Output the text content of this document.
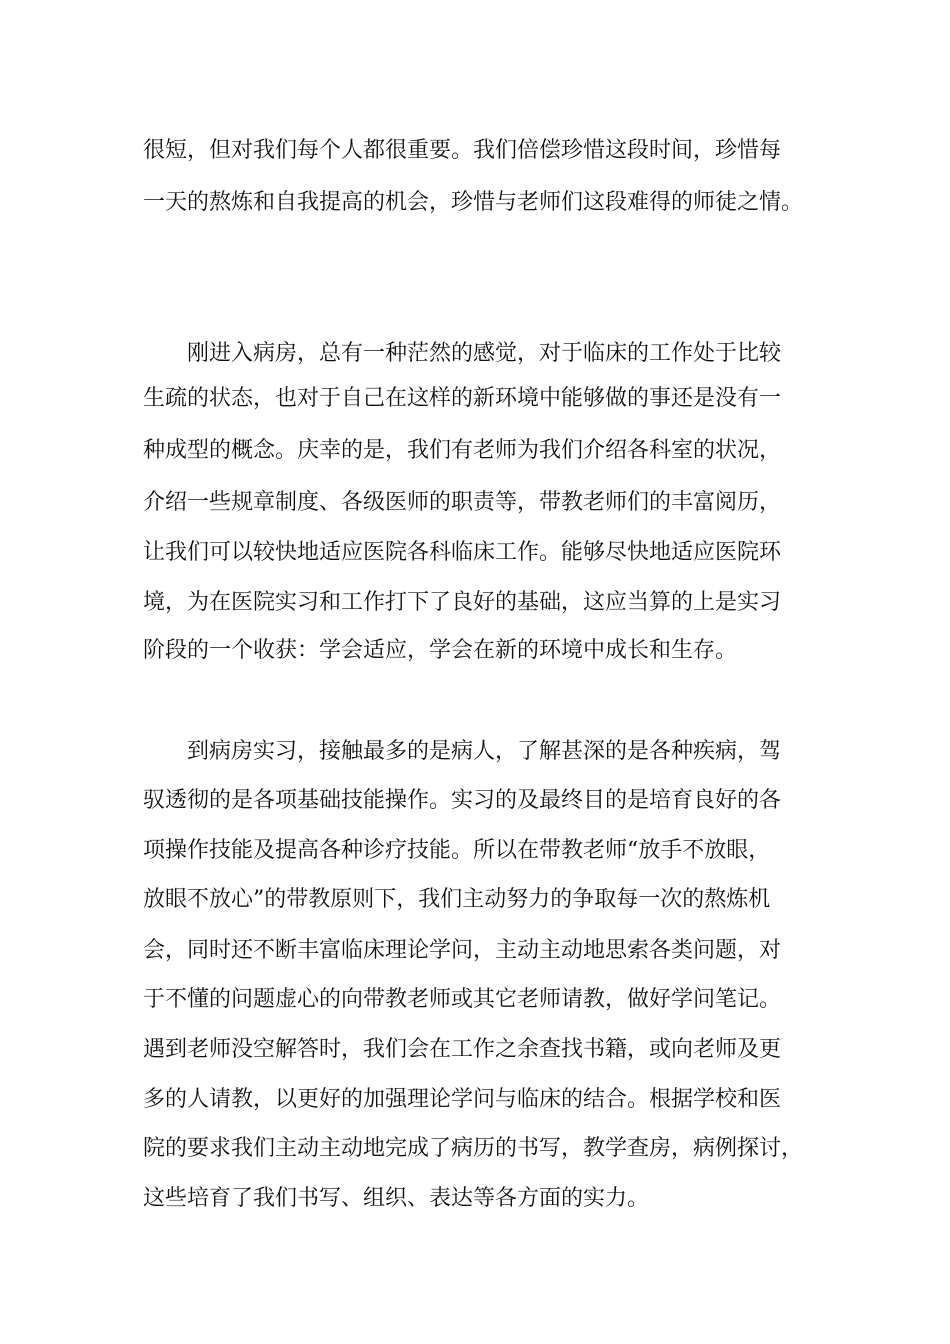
很短，但对我们每个人都很重要。我们倍偿珍惜这段时间，珍惜每

一天的熬炼和自我提高的机会，珍惜与老师们这段难得的师徒之情。

　　刚进入病房，总有一种茫然的感觉，对于临床的工作处于比较

生疏的状态，也对于自己在这样的新环境中能够做的事还是没有一

种成型的概念。庆幸的是，我们有老师为我们介绍各科室的状况，

介绍一些规章制度、各级医师的职责等，带教老师们的丰富阅历，

让我们可以较快地适应医院各科临床工作。能够尽快地适应医院环

境，为在医院实习和工作打下了良好的基础，这应当算的上是实习

阶段的一个收获：学会适应，学会在新的环境中成长和生存。

　　到病房实习，接触最多的是病人，了解甚深的是各种疾病，驾

驭透彻的是各项基础技能操作。实习的及最终目的是培育良好的各

项操作技能及提高各种诊疗技能。所以在带教老师“放手不放眼，

放眼不放心”的带教原则下，我们主动努力的争取每一次的熬炼机

会，同时还不断丰富临床理论学问，主动主动地思索各类问题，对

于不懂的问题虚心的向带教老师或其它老师请教，做好学问笔记。

遇到老师没空解答时，我们会在工作之余查找书籍，或向老师及更

多的人请教，以更好的加强理论学问与临床的结合。根据学校和医

院的要求我们主动主动地完成了病历的书写，教学查房，病例探讨，

这些培育了我们书写、组织、表达等各方面的实力。
